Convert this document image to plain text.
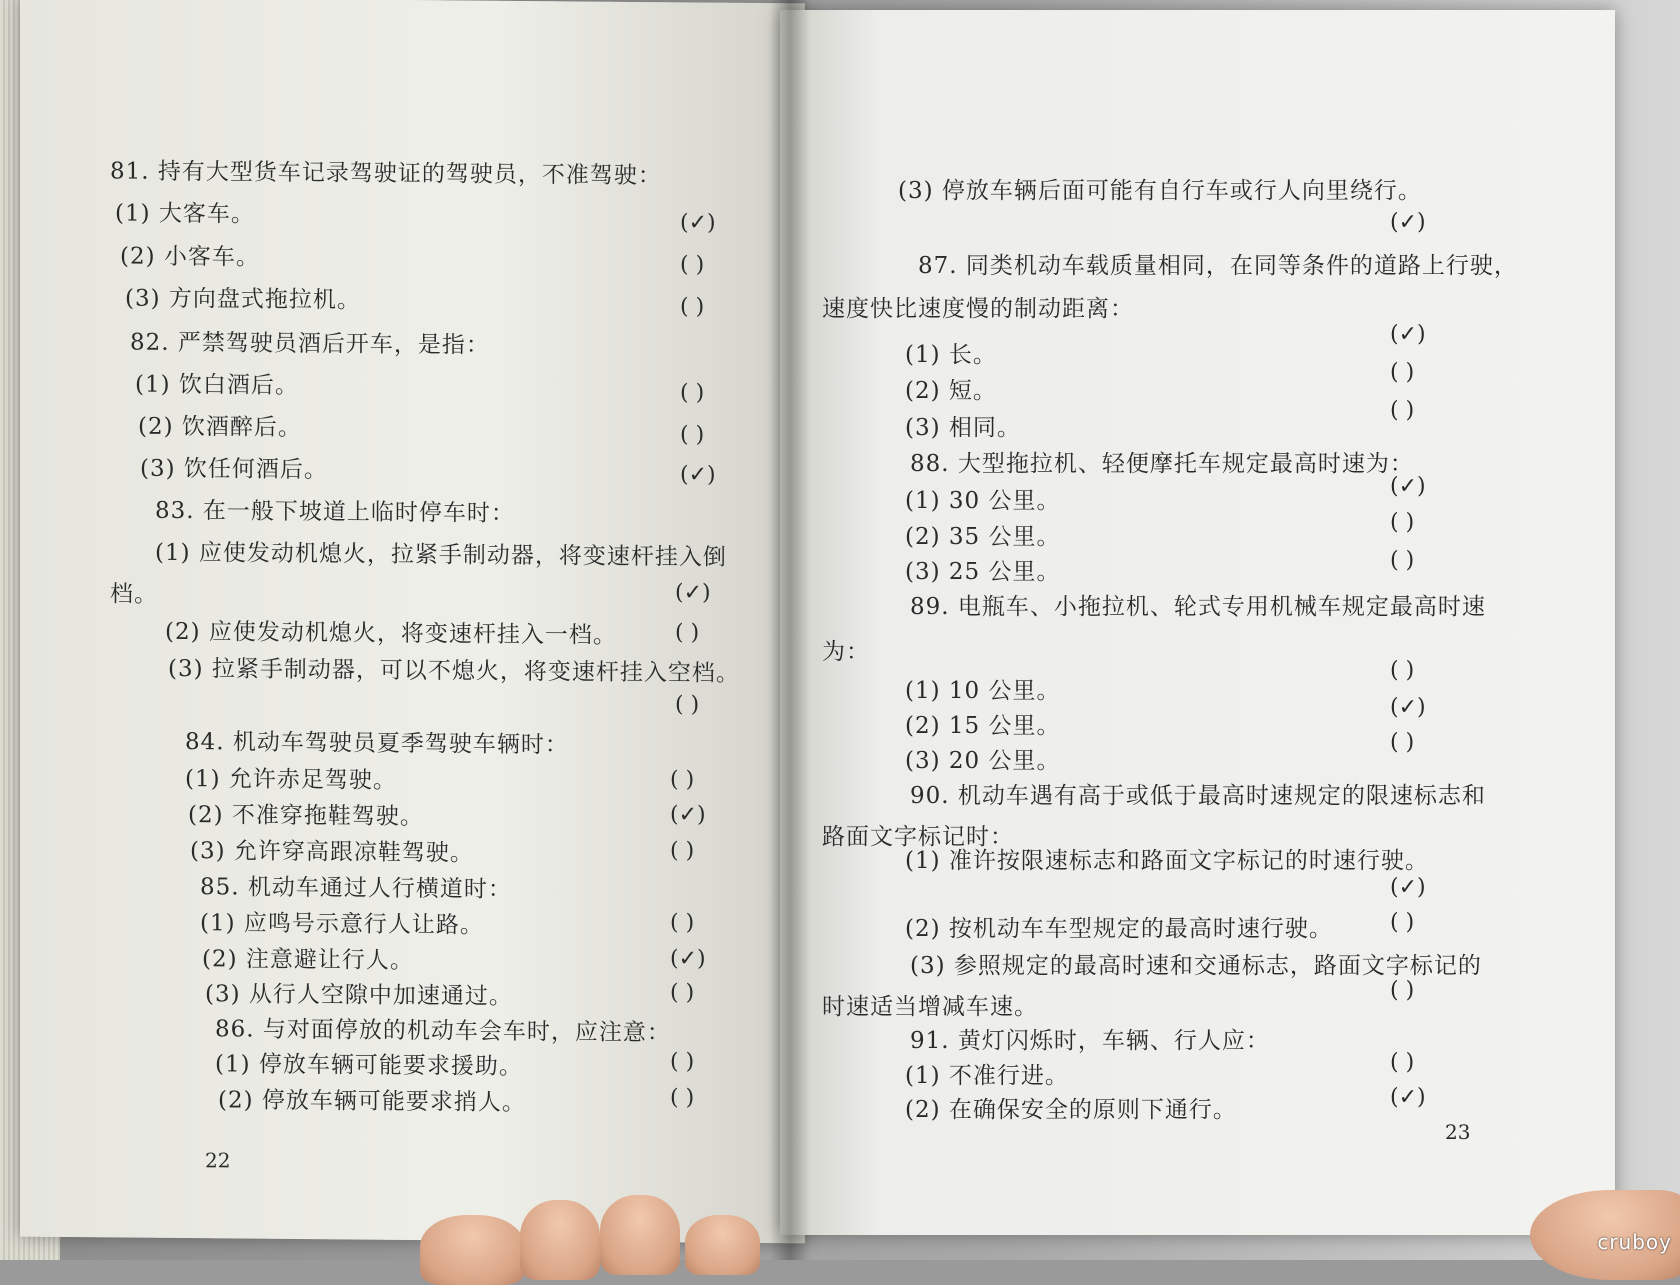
81. 持有大型货车记录驾驶证的驾驶员，不准驾驶：
(1) 大客车。
(2) 小客车。
(3) 方向盘式拖拉机。
82. 严禁驾驶员酒后开车，是指：
(1) 饮白酒后。
(2) 饮酒醉后。
(3) 饮任何酒后。
83. 在一般下坡道上临时停车时：
(1) 应使发动机熄火，拉紧手制动器，将变速杆挂入倒
档。
(2) 应使发动机熄火，将变速杆挂入一档。
(3) 拉紧手制动器，可以不熄火，将变速杆挂入空档。
84. 机动车驾驶员夏季驾驶车辆时：
(1) 允许赤足驾驶。
(2) 不准穿拖鞋驾驶。
(3) 允许穿高跟凉鞋驾驶。
85. 机动车通过人行横道时：
(1) 应鸣号示意行人让路。
(2) 注意避让行人。
(3) 从行人空隙中加速通过。
86. 与对面停放的机动车会车时，应注意：
(1) 停放车辆可能要求援助。
(2) 停放车辆可能要求捎人。
(✓)
( )
( )
( )
( )
(✓)
(✓)
( )
( )
( )
(✓)
( )
( )
(✓)
( )
( )
( )
22
(3) 停放车辆后面可能有自行车或行人向里绕行。
87. 同类机动车载质量相同，在同等条件的道路上行驶，
速度快比速度慢的制动距离：
(1) 长。
(2) 短。
(3) 相同。
88. 大型拖拉机、轻便摩托车规定最高时速为：
(1) 30 公里。
(2) 35 公里。
(3) 25 公里。
89. 电瓶车、小拖拉机、轮式专用机械车规定最高时速
为：
(1) 10 公里。
(2) 15 公里。
(3) 20 公里。
90. 机动车遇有高于或低于最高时速规定的限速标志和
路面文字标记时：
(1) 准许按限速标志和路面文字标记的时速行驶。
(2) 按机动车车型规定的最高时速行驶。
(3) 参照规定的最高时速和交通标志，路面文字标记的
时速适当增减车速。
91. 黄灯闪烁时，车辆、行人应：
(1) 不准行进。
(2) 在确保安全的原则下通行。
(✓)
(✓)
( )
( )
(✓)
( )
( )
( )
(✓)
( )
(✓)
( )
( )
( )
(✓)
23
cruboy
